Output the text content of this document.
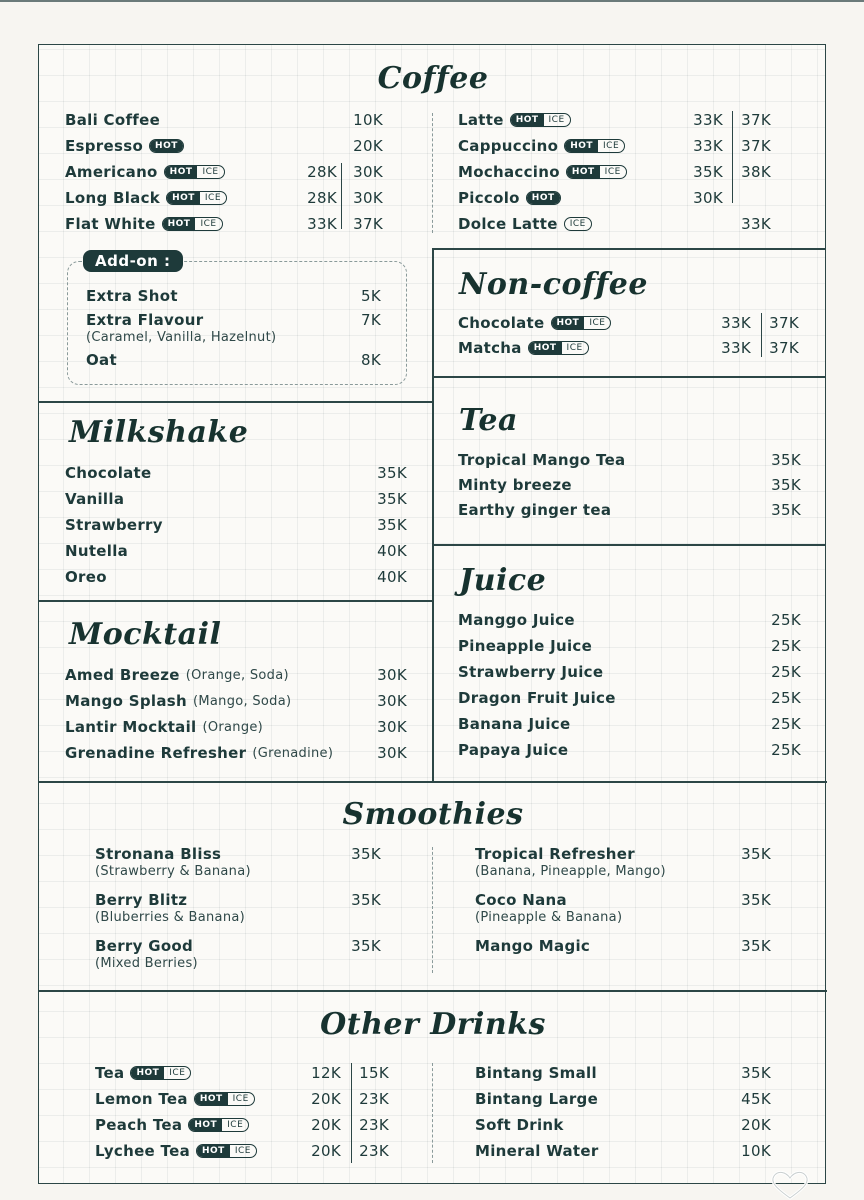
Coffee
Bali Coffee	10K
Espresso	HOT	20K
Americano	HOT	ICE	28K	30K
Long Black	HOT	ICE	28K	30K
Flat White	HOT	ICE	33K	37K
Latte	HOT	ICE	33K	37K
Cappuccino	HOT	ICE	33K	37K
Mochaccino	HOT	ICE	35K	38K
Piccolo	HOT	30K
Dolce Latte	ICE	33K
Add-on :
Extra Shot	5K
Extra Flavour	7K
(Caramel, Vanilla, Hazelnut)
Oat	8K
Non-coffee
Chocolate	HOT	ICE	33K	37K
Matcha	HOT	ICE	33K	37K
Milkshake
Chocolate	35K
Vanilla	35K
Strawberry	35K
Nutella	40K
Oreo	40K
Tea
Tropical Mango Tea	35K
Minty breeze	35K
Earthy ginger tea	35K
Juice
Manggo Juice	25K
Pineapple Juice	25K
Strawberry Juice	25K
Dragon Fruit Juice	25K
Banana Juice	25K
Papaya Juice	25K
Mocktail
Amed Breeze (Orange, Soda)	30K
Mango Splash (Mango, Soda)	30K
Lantir Mocktail (Orange)	30K
Grenadine Refresher (Grenadine)	30K
Smoothies
Stronana Bliss	35K
(Strawberry & Banana)
Berry Blitz	35K
(Bluberries & Banana)
Berry Good	35K
(Mixed Berries)
Tropical Refresher	35K
(Banana, Pineapple, Mango)
Coco Nana	35K
(Pineapple & Banana)
Mango Magic	35K
Other Drinks
Tea	HOT	ICE	12K	15K
Lemon Tea	HOT	ICE	20K	23K
Peach Tea	HOT	ICE	20K	23K
Lychee Tea	HOT	ICE	20K	23K
Bintang Small	35K
Bintang Large	45K
Soft Drink	20K
Mineral Water	10K
